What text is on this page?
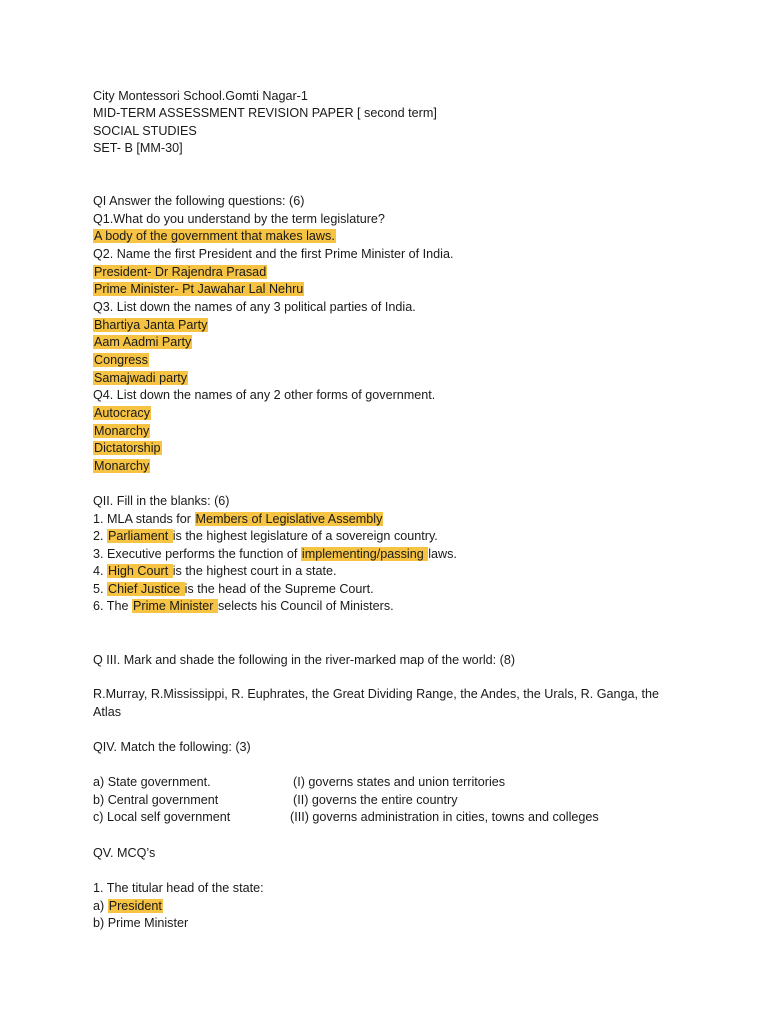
City Montessori School.Gomti Nagar-1
MID-TERM ASSESSMENT REVISION PAPER [ second term]
SOCIAL STUDIES
SET- B [MM-30]
QI Answer the following questions: (6)
Q1.What do you understand by the term legislature?
A body of the government that makes laws.
Q2. Name the first President and the first Prime Minister of India.
President- Dr Rajendra Prasad
Prime Minister- Pt Jawahar Lal Nehru
Q3. List down the names of any 3 political parties of India.
Bhartiya Janta Party
Aam Aadmi Party
Congress
Samajwadi party
Q4. List down the names of any 2 other forms of government.
Autocracy
Monarchy
Dictatorship
Monarchy
QII. Fill in the blanks: (6)
1. MLA stands for Members of Legislative Assembly
2. Parliament is the highest legislature of a sovereign country.
3. Executive performs the function of implementing/passing laws.
4. High Court is the highest court in a state.
5. Chief Justice is the head of the Supreme Court.
6. The Prime Minister selects his Council of Ministers.
Q III. Mark and shade the following in the river-marked map of the world: (8)
R.Murray, R.Mississippi, R. Euphrates, the Great Dividing Range, the Andes, the Urals, R. Ganga, the Atlas
QIV. Match the following: (3)
a) State government.	(I) governs states and union territories
b) Central government	(II) governs the entire country
c) Local self government	(III) governs administration in cities, towns and colleges
QV. MCQ’s
1. The titular head of the state:
a) President
b) Prime Minister
